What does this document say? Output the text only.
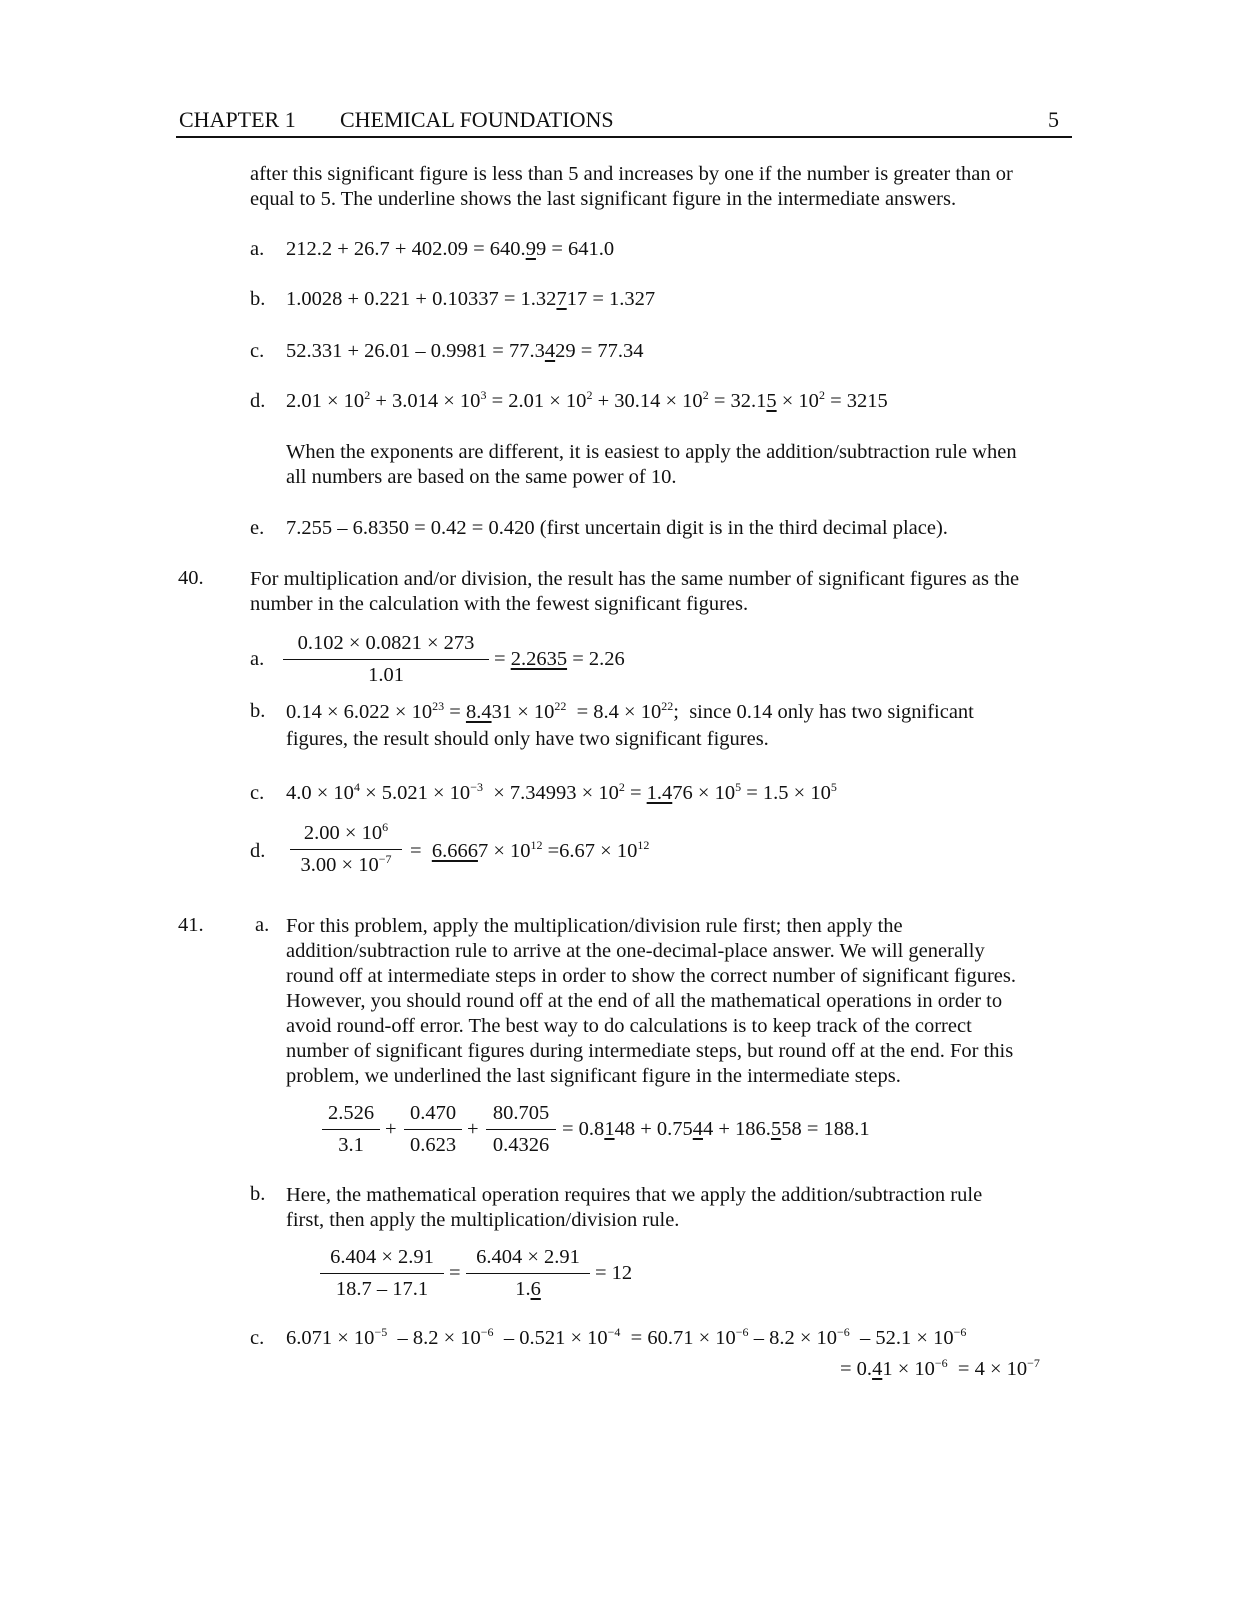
CHAPTER 1 CHEMICAL FOUNDATIONS	5
after this significant figure is less than 5 and increases by one if the number is greater than or
equal to 5. The underline shows the last significant figure in the intermediate answers.
a. 212.2 + 26.7 + 402.09 = 640.99 = 641.0
b. 1.0028 + 0.221 + 0.10337 = 1.32717 = 1.327
c. 52.331 + 26.01 – 0.9981 = 77.3429 = 77.34
d. $2.01 \times 10^2 + 3.014 \times 10^3 = 2.01 \times 10^2 + 30.14 \times 10^2 = 32.15 \times 10^2 = 3215$
When the exponents are different, it is easiest to apply the addition/subtraction rule when
all numbers are based on the same power of 10.
e. 7.255 – 6.8350 = 0.42 = 0.420 (first uncertain digit is in the third decimal place).
40. For multiplication and/or division, the result has the same number of significant figures as the
number in the calculation with the fewest significant figures.
a. $\frac{0.102 \times 0.0821 \times 273}{1.01} = 2.2635 = 2.26$
b. $0.14 \times 6.022 \times 10^{23} = 8.431 \times 10^{22} = 8.4 \times 10^{22}$;  since 0.14 only has two significant
figures, the result should only have two significant figures.
c. $4.0 \times 10^4 \times 5.021 \times 10^{-3} \times 7.34993 \times 10^2 = 1.476 \times 10^5 = 1.5 \times 10^5$
d. $\frac{2.00 \times 10^6}{3.00 \times 10^{-7}} = 6.6667 \times 10^{12} =6.67 \times 10^{12}$
41.	a. For this problem, apply the multiplication/division rule first; then apply the
addition/subtraction rule to arrive at the one-decimal-place answer. We will generally
round off at intermediate steps in order to show the correct number of significant figures.
However, you should round off at the end of all the mathematical operations in order to
avoid round-off error. The best way to do calculations is to keep track of the correct
number of significant figures during intermediate steps, but round off at the end. For this
problem, we underlined the last significant figure in the intermediate steps.
$\frac{2.526}{3.1} + \frac{0.470}{0.623} + \frac{80.705}{0.4326} = 0.8148 + 0.7544 + 186.558 = 188.1$
b. Here, the mathematical operation requires that we apply the addition/subtraction rule
first, then apply the multiplication/division rule.
$\frac{6.404 \times 2.91}{18.7 - 17.1} = \frac{6.404 \times 2.91}{1.6} = 12$
c. $6.071 \times 10^{-5} - 8.2 \times 10^{-6} - 0.521 \times 10^{-4} = 60.71 \times 10^{-6} - 8.2 \times 10^{-6} - 52.1 \times 10^{-6}$
= $0.41 \times 10^{-6} = 4 \times 10^{-7}$
